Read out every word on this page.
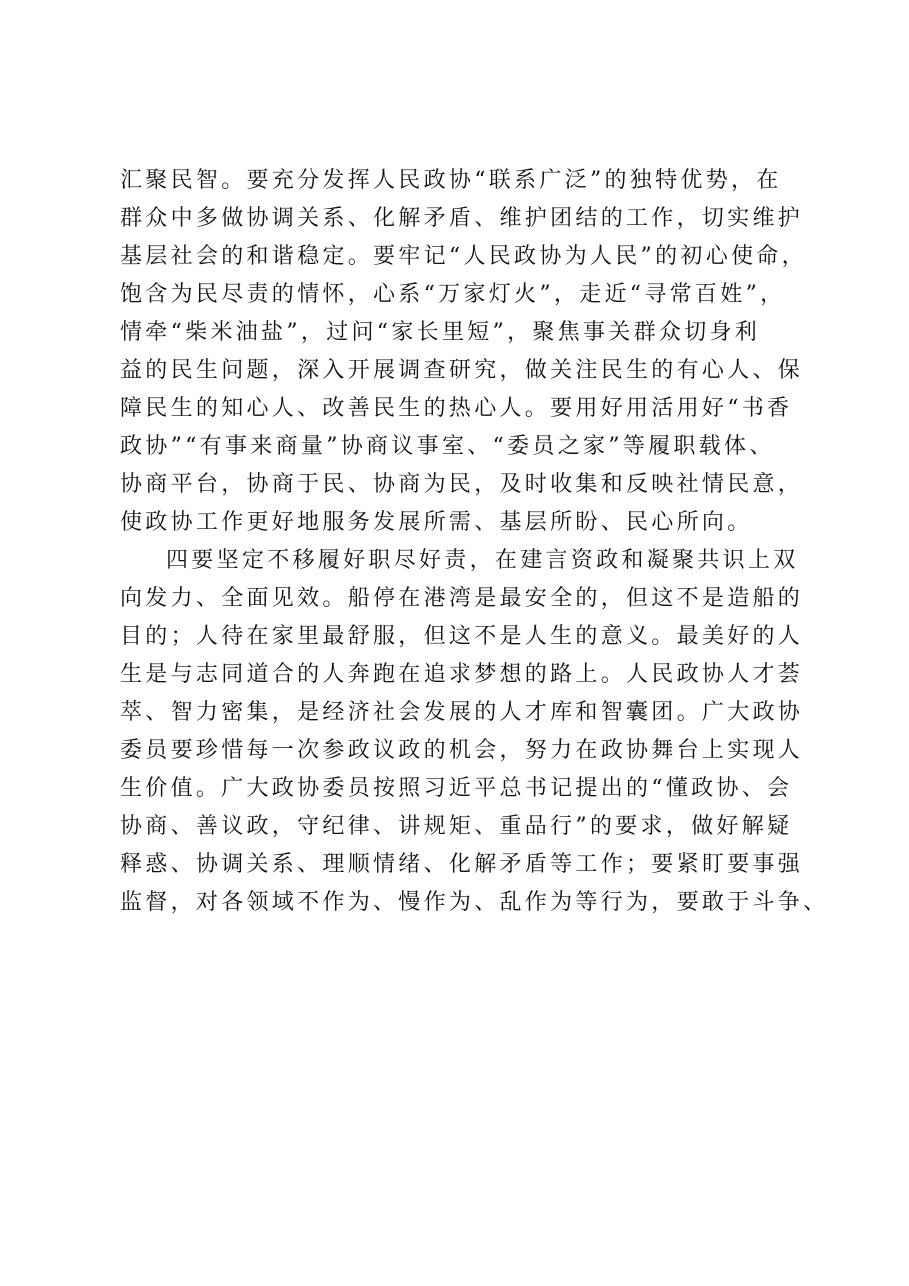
汇聚民智。要充分发挥人民政协“联系广泛”的独特优势，在
群众中多做协调关系、化解矛盾、维护团结的工作，切实维护
基层社会的和谐稳定。要牢记“人民政协为人民”的初心使命，
饱含为民尽责的情怀，心系“万家灯火”，走近“寻常百姓”，
情牵“柴米油盐”，过问“家长里短”，聚焦事关群众切身利
益的民生问题，深入开展调查研究，做关注民生的有心人、保
障民生的知心人、改善民生的热心人。要用好用活用好“书香
政协”“有事来商量”协商议事室、“委员之家”等履职载体、
协商平台，协商于民、协商为民，及时收集和反映社情民意，
使政协工作更好地服务发展所需、基层所盼、民心所向。
四要坚定不移履好职尽好责，在建言资政和凝聚共识上双
向发力、全面见效。船停在港湾是最安全的，但这不是造船的
目的；人待在家里最舒服，但这不是人生的意义。最美好的人
生是与志同道合的人奔跑在追求梦想的路上。人民政协人才荟
萃、智力密集，是经济社会发展的人才库和智囊团。广大政协
委员要珍惜每一次参政议政的机会，努力在政协舞台上实现人
生价值。广大政协委员按照习近平总书记提出的“懂政协、会
协商、善议政，守纪律、讲规矩、重品行”的要求，做好解疑
释惑、协调关系、理顺情绪、化解矛盾等工作；要紧盯要事强
监督，对各领域不作为、慢作为、乱作为等行为，要敢于斗争、
